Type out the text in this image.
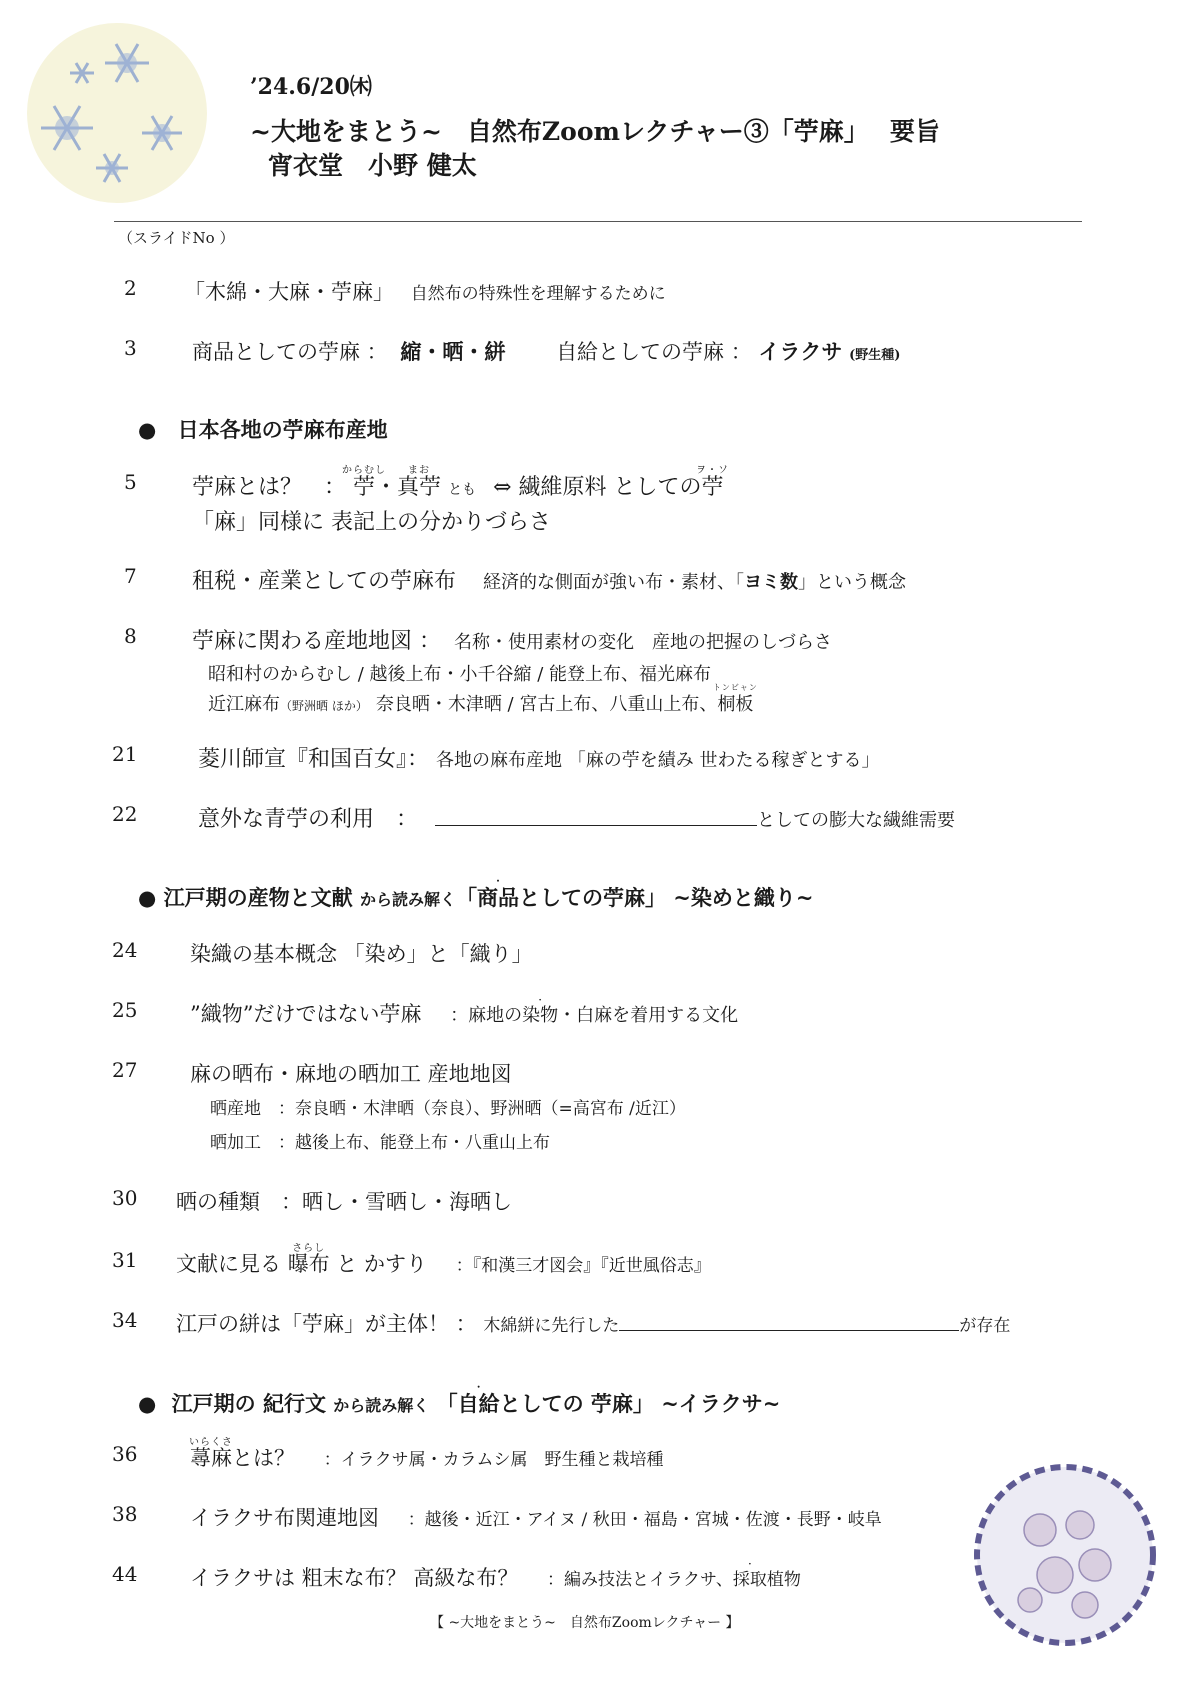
’24.6/20㈭
~大地をまとう~　自然布Zoomレクチャー③「苧麻」　 要旨
宵衣堂　小野 健太
（スライドNo ）
2 「木綿・大麻・苧麻」 自然布の特殊性を理解するために
3	商品としての苧麻 ： 縮・晒・絣 自給としての苧麻 ： イラクサ (野生種)
● 日本各地の苧麻布産地
5	苧麻とは？　： 苧
からむし
・真苧
まお
とも ⇔ 繊維原料 としての苧
ヲ・ソ
「麻」同様に 表記上の分かりづらさ
7	租税・産業としての苧麻布 経済的な側面が強い布・素材、「ヨミ数」という概念
8	苧麻に関わる産地地図 ： 名称・使用素材の変化　産地の把握のしづらさ
昭和村のからむし / 越後上布・小千谷縮 / 能登上布、福光麻布
近江麻布（野洲晒 ほか） 奈良晒・木津晒 / 宮古上布、八重山上布、桐板
トンビャン
21	菱川師宣『和国百女』： 各地の麻布産地 「麻の苧を績み 世わたる稼ぎとする」
22	意外な青苧の利用　：	としての膨大な繊維需要
● 江戸期の産物と文献 から読み解く「・ 商品としての苧麻」 ~染めと織り~
24	染織の基本概念 「染め」と「織り」
25	”織物”だけではない苧麻 ：麻地の・ 染物・白麻を着用する文化
27	麻の晒布・麻地の晒加工 産地地図
晒産地　：奈良晒・木津晒（奈良）、野洲晒（=高宮布 /近江）
晒加工　：越後上布、能登上布・八重山上布
30 晒の種類　：晒し・雪晒し・海晒し
31 文献に見る 曝布
さらし
と かすり ：『和漢三才図会』『近世風俗志』
34 江戸の絣は「苧麻」が主体！ ： 木綿絣に先行した	が存在
● 江戸期の 紀行文 から読み解く 「・ 自給としての 苧麻」 ~イラクサ~
36	蕁麻
いらくさ
とは？ ：イラクサ属・カラムシ属　野生種と栽培種
38	イラクサ布関連地図 ：越後・近江・アイヌ / 秋田・福島・宮城・佐渡・長野・岐阜
44	イラクサは 粗末な布？ 高級な布？ ：編み技法とイラクサ、・ 採取植物
【 ~大地をまとう~　自然布Zoomレクチャー 】
